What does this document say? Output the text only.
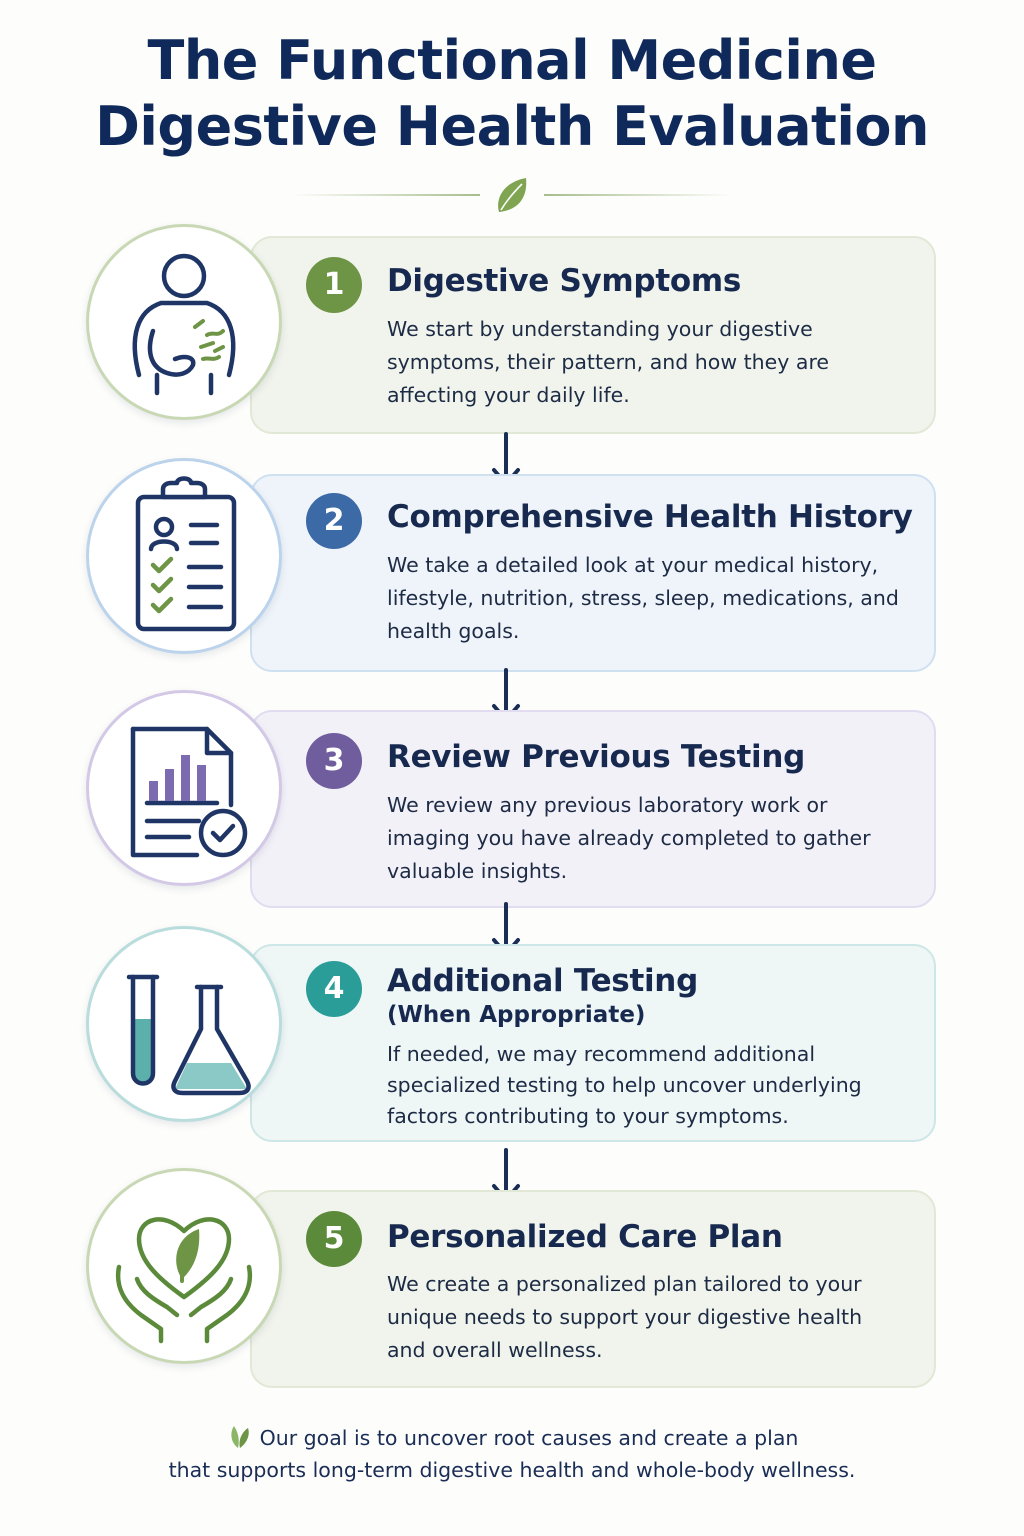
The Functional Medicine
Digestive Health Evaluation
1	Digestive Symptoms
We start by understanding your digestive symptoms, their pattern, and how they are affecting your daily life.
2	Comprehensive Health History
We take a detailed look at your medical history, lifestyle, nutrition, stress, sleep, medications, and health goals.
3	Review Previous Testing
We review any previous laboratory work or imaging you have already completed to gather valuable insights.
4	Additional Testing
(When Appropriate)
If needed, we may recommend additional specialized testing to help uncover underlying factors contributing to your symptoms.
5	Personalized Care Plan
We create a personalized plan tailored to your unique needs to support your digestive health and overall wellness.
Our goal is to uncover root causes and create a plan
that supports long-term digestive health and whole-body wellness.
